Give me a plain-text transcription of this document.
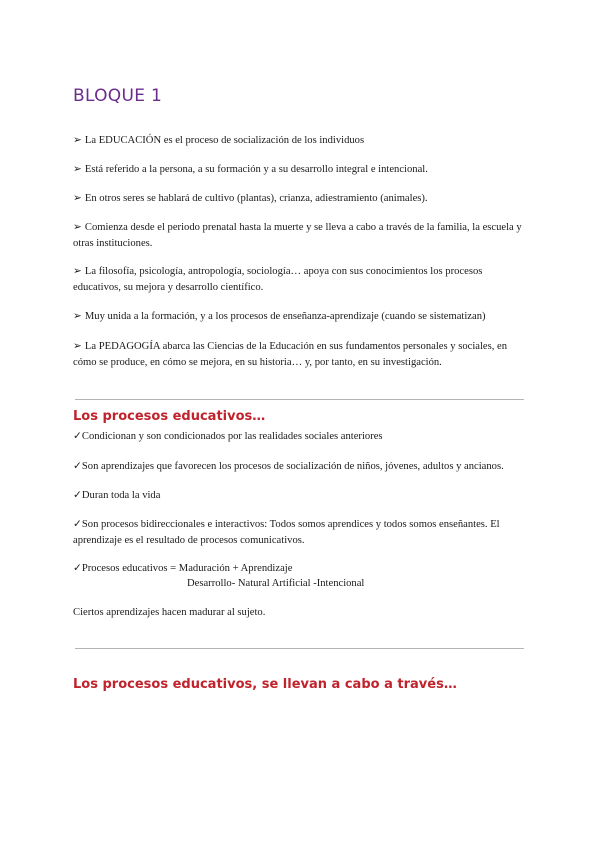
BLOQUE 1
➢ La EDUCACIÓN es el proceso de socialización de los individuos
➢ Está referido a la persona, a su formación y a su desarrollo integral e intencional.
➢ En otros seres se hablará de cultivo (plantas), crianza, adiestramiento (animales).
➢ Comienza desde el periodo prenatal hasta la muerte y se lleva a cabo a través de la familia, la escuela y otras instituciones.
➢ La filosofía, psicología, antropología, sociología… apoya con sus conocimientos los procesos educativos, su mejora y desarrollo científico.
➢ Muy unida a la formación, y a los procesos de enseñanza-aprendizaje (cuando se sistematizan)
➢ La PEDAGOGÍA abarca las Ciencias de la Educación en sus fundamentos personales y sociales, en cómo se produce, en cómo se mejora, en su historia… y, por tanto, en su investigación.
Los procesos educativos…
✓Condicionan y son condicionados por las realidades sociales anteriores
✓Son aprendizajes que favorecen los procesos de socialización de niños, jóvenes, adultos y ancianos.
✓Duran toda la vida
✓Son procesos bidireccionales e interactivos: Todos somos aprendices y todos somos enseñantes. El aprendizaje es el resultado de procesos comunicativos.
✓Procesos educativos = Maduración + Aprendizaje
Desarrollo- Natural Artificial -Intencional
Ciertos aprendizajes hacen madurar al sujeto.
Los procesos educativos, se llevan a cabo a través…
